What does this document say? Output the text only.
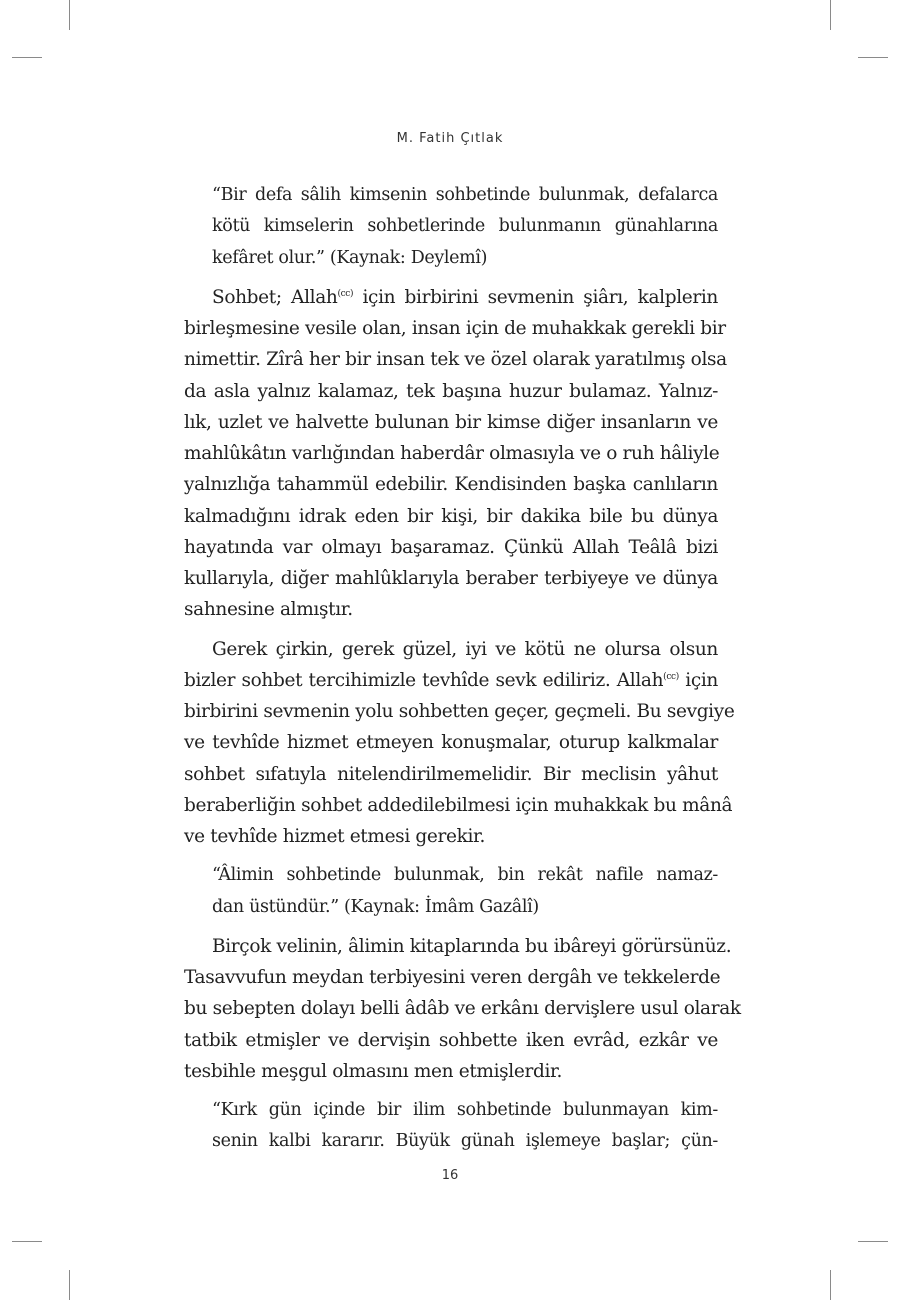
M. Fatih Çıtlak
“Bir defa sâlih kimsenin sohbetinde bulunmak, defalarca
kötü kimselerin sohbetlerinde bulunmanın günahlarına
kefâret olur.” (Kaynak: Deylemî)
Sohbet; Allah$^{(cc)}$ için birbirini sevmenin şiârı, kalplerin
birleşmesine vesile olan, insan için de muhakkak gerekli bir
nimettir. Zîrâ her bir insan tek ve özel olarak yaratılmış olsa
da asla yalnız kalamaz, tek başına huzur bulamaz. Yalnız-
lık, uzlet ve halvette bulunan bir kimse diğer insanların ve
mahlûkâtın varlığından haberdâr olmasıyla ve o ruh hâliyle
yalnızlığa tahammül edebilir. Kendisinden başka canlıların
kalmadığını idrak eden bir kişi, bir dakika bile bu dünya
hayatında var olmayı başaramaz. Çünkü Allah Teâlâ bizi
kullarıyla, diğer mahlûklarıyla beraber terbiyeye ve dünya
sahnesine almıştır.
Gerek çirkin, gerek güzel, iyi ve kötü ne olursa olsun
bizler sohbet tercihimizle tevhîde sevk ediliriz. Allah$^{(cc)}$ için
birbirini sevmenin yolu sohbetten geçer, geçmeli. Bu sevgiye
ve tevhîde hizmet etmeyen konuşmalar, oturup kalkmalar
sohbet sıfatıyla nitelendirilmemelidir. Bir meclisin yâhut
beraberliğin sohbet addedilebilmesi için muhakkak bu mânâ
ve tevhîde hizmet etmesi gerekir.
“Âlimin sohbetinde bulunmak, bin rekât nafile namaz-
dan üstündür.” (Kaynak: İmâm Gazâlî)
Birçok velinin, âlimin kitaplarında bu ibâreyi görürsünüz.
Tasavvufun meydan terbiyesini veren dergâh ve tekkelerde
bu sebepten dolayı belli âdâb ve erkânı dervişlere usul olarak
tatbik etmişler ve dervişin sohbette iken evrâd, ezkâr ve
tesbihle meşgul olmasını men etmişlerdir.
“Kırk gün içinde bir ilim sohbetinde bulunmayan kim-
senin kalbi kararır. Büyük günah işlemeye başlar; çün-
16
